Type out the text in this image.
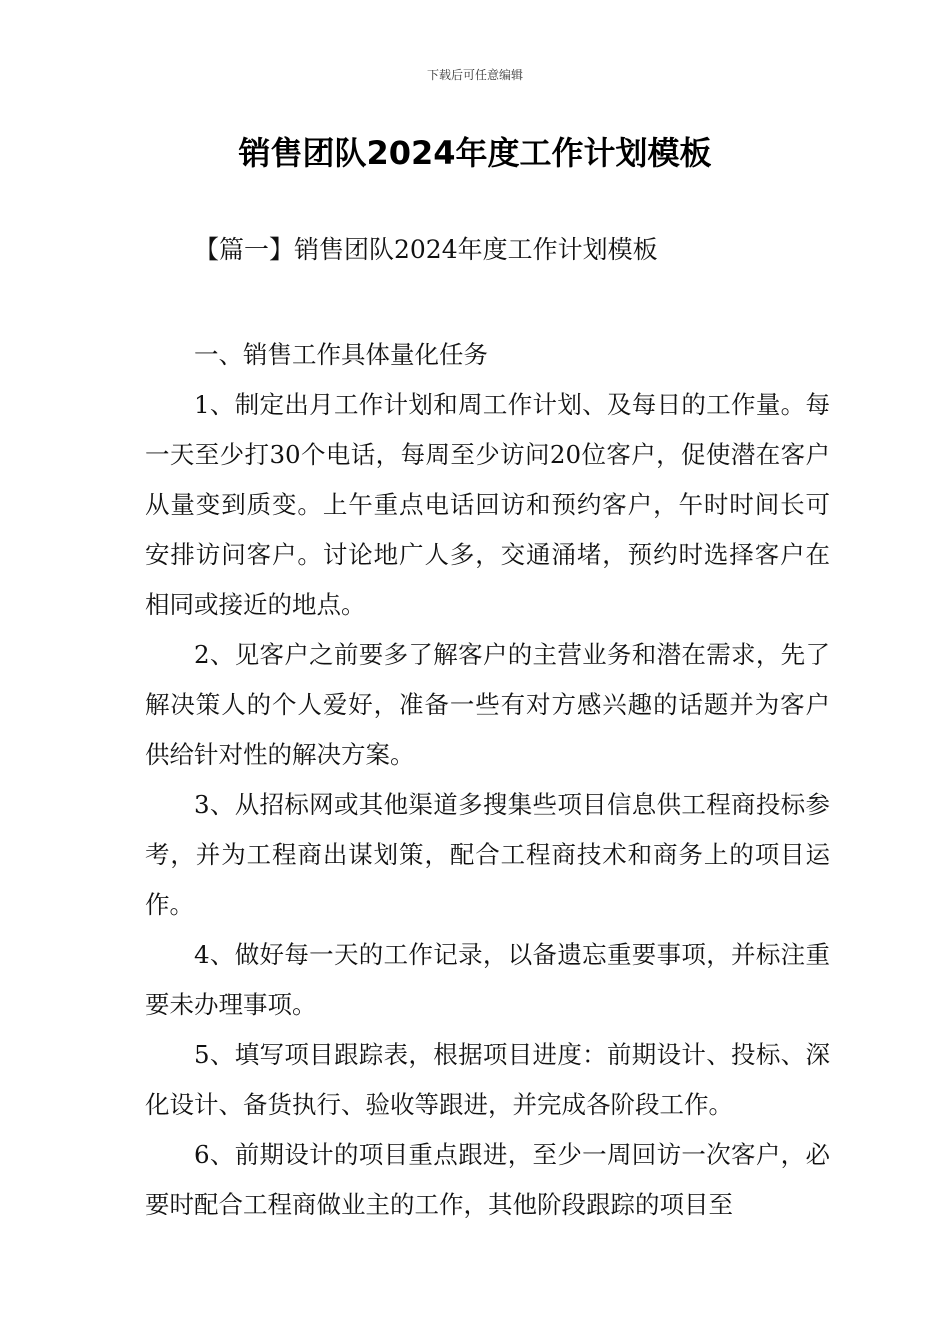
下载后可任意编辑
销售团队2024年度工作计划模板
【篇一】销售团队2024年度工作计划模板

一、销售工作具体量化任务

1、制定出月工作计划和周工作计划、及每日的工作量。每一天至少打30个电话，每周至少访问20位客户，促使潜在客户从量变到质变。上午重点电话回访和预约客户，午时时间长可安排访问客户。讨论地广人多，交通涌堵，预约时选择客户在相同或接近的地点。

2、见客户之前要多了解客户的主营业务和潜在需求，先了解决策人的个人爱好，准备一些有对方感兴趣的话题并为客户供给针对性的解决方案。

3、从招标网或其他渠道多搜集些项目信息供工程商投标参考，并为工程商出谋划策，配合工程商技术和商务上的项目运作。

4、做好每一天的工作记录，以备遗忘重要事项，并标注重要未办理事项。

5、填写项目跟踪表，根据项目进度：前期设计、投标、深化设计、备货执行、验收等跟进，并完成各阶段工作。

6、前期设计的项目重点跟进，至少一周回访一次客户，必要时配合工程商做业主的工作，其他阶段跟踪的项目至
